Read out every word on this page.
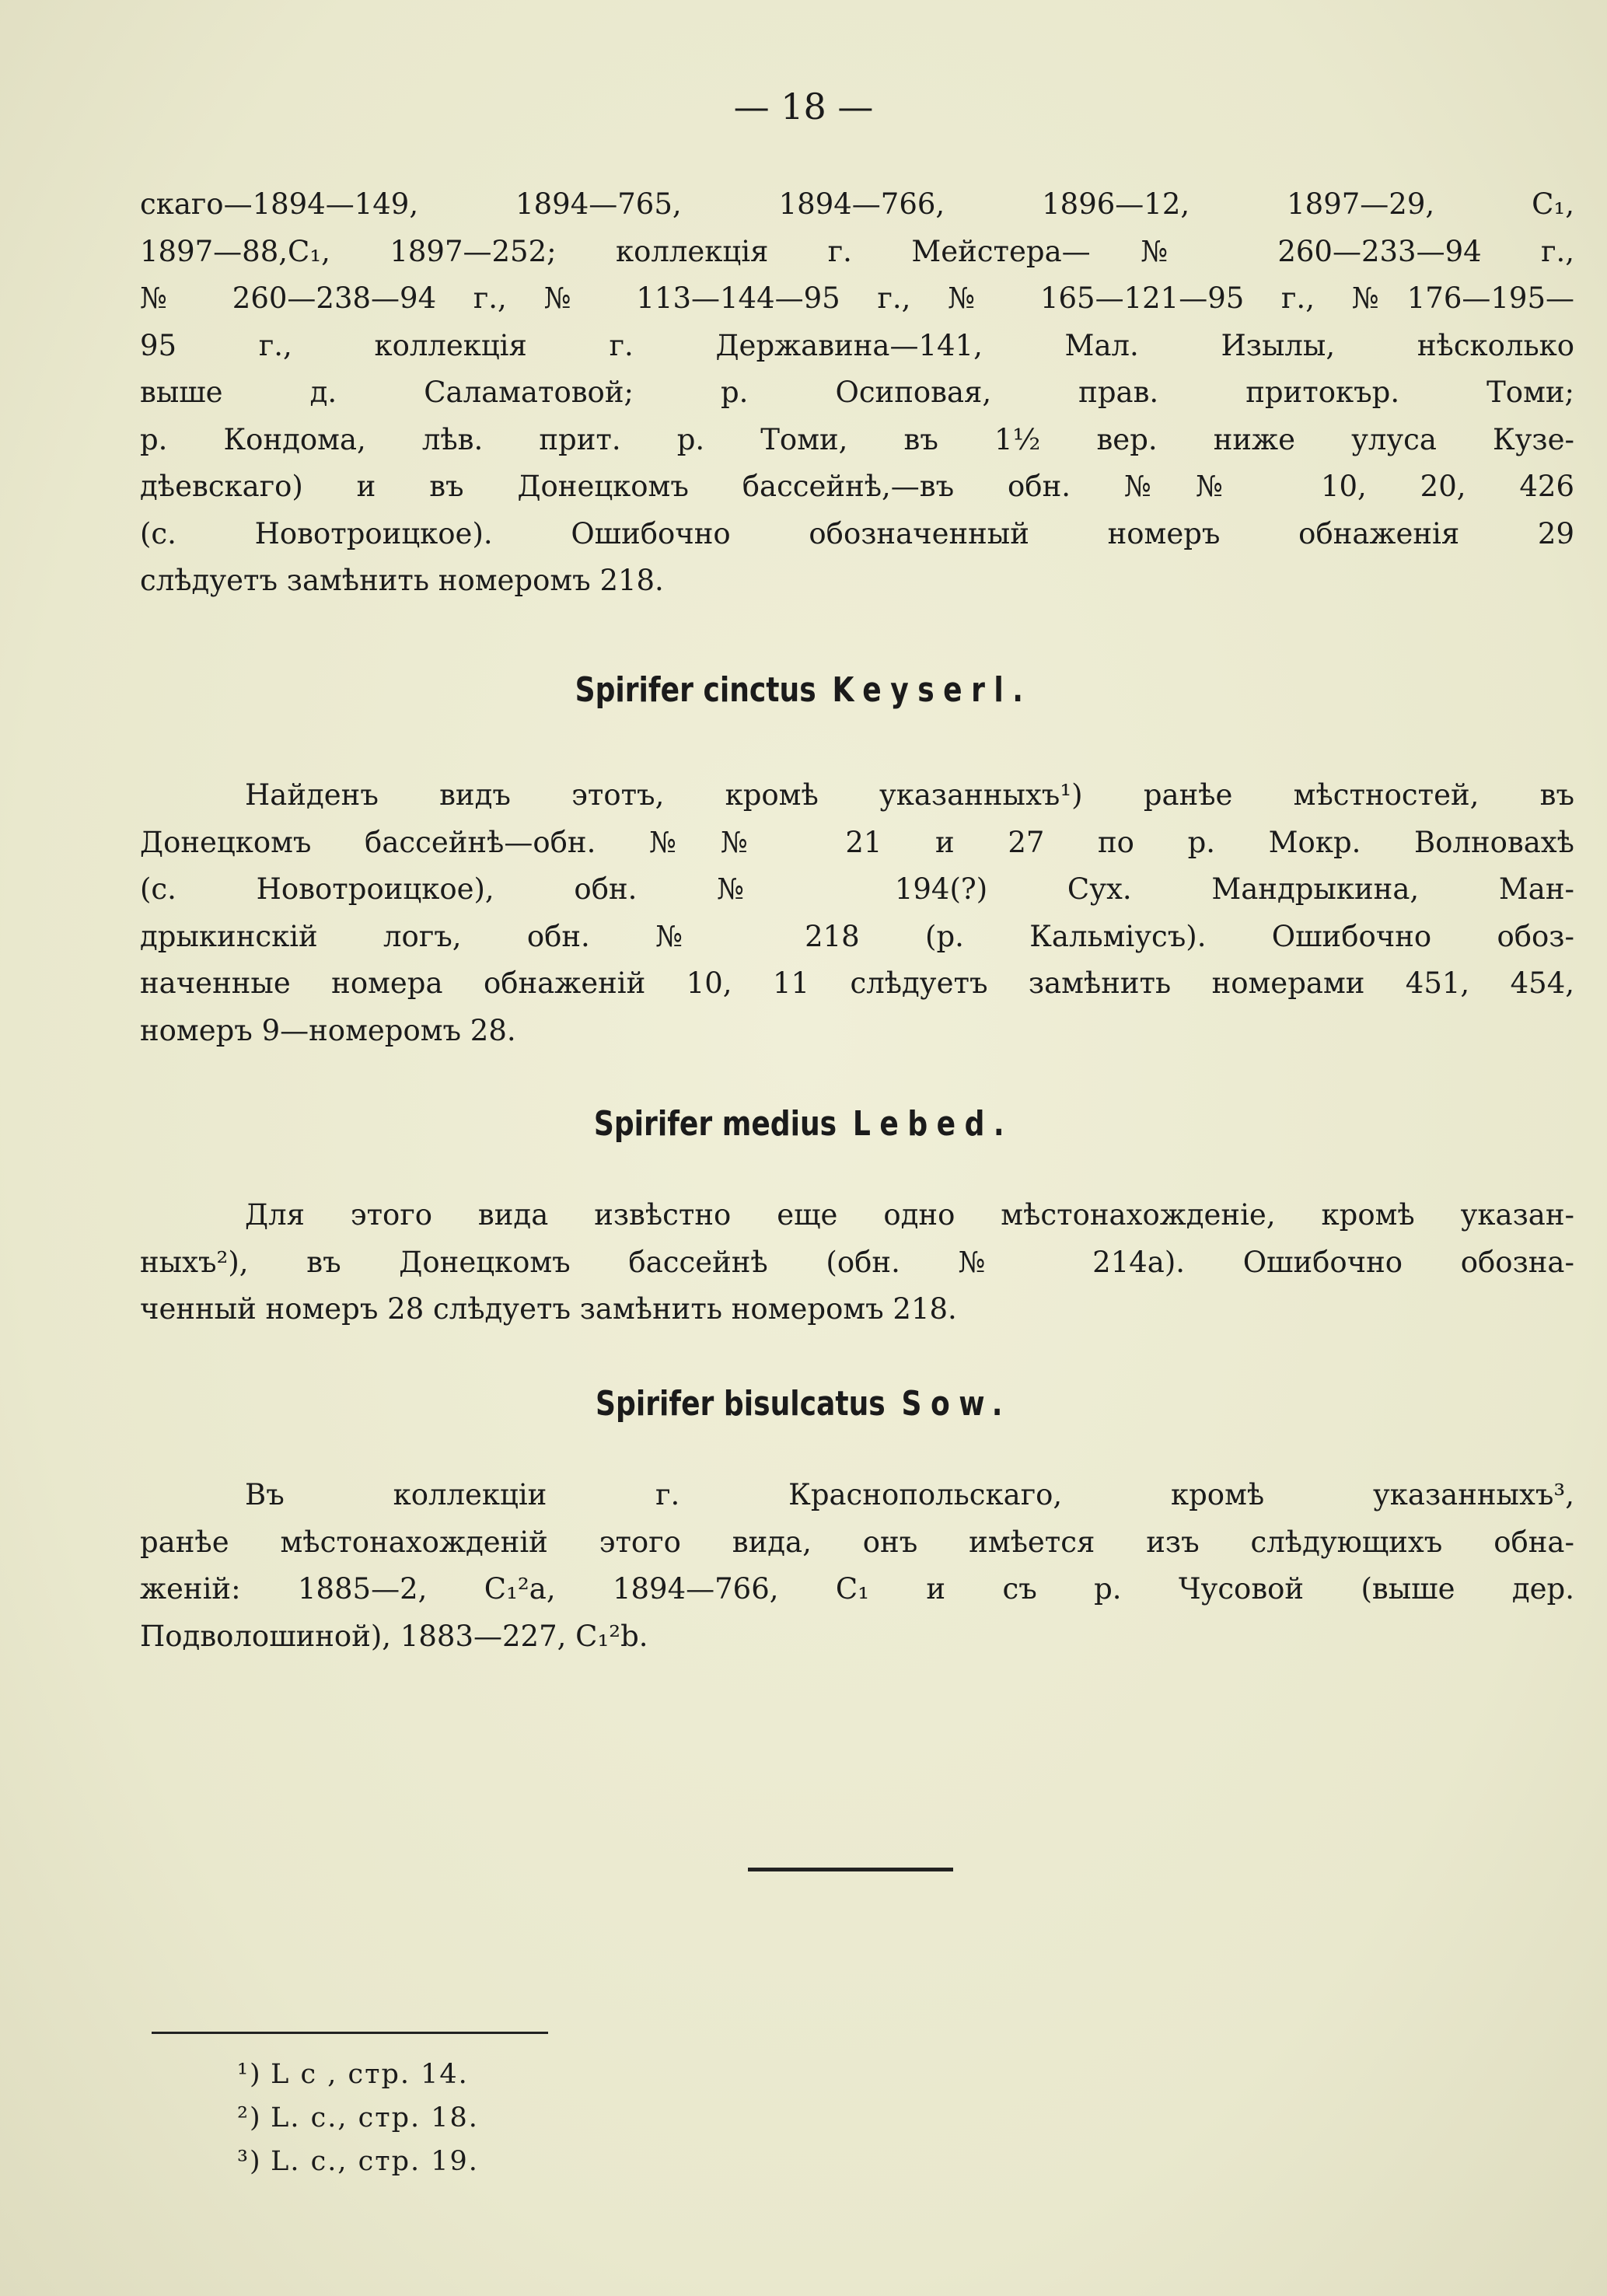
— 18 —
скаго—1894—149, 1894—765, 1894—766, 1896—12, 1897—29, C₁,
1897—88,C₁, 1897—252; коллекція г. Мейстера—№ 260—233—94 г.,
№ 260—238—94 г., № 113—144—95 г., № 165—121—95 г., №176—195—
95 г., коллекція г. Державина—141, Мал. Изылы, нѣсколько
выше д. Саламатовой; р. Осиповая, прав. притокър. Томи;
р. Кондома, лѣв. прит. р. Томи, въ 1½ вер. ниже улуса Кузе-
дѣевскаго) и въ Донецкомъ бассейнѣ,—въ обн. №№ 10, 20, 426
(с. Новотроицкое). Ошибочно обозначенный номеръ обнаженія 29
слѣдуетъ замѣнить номеромъ 218.
Spirifer cinctus Keyserl.
Найденъ видъ этотъ, кромѣ указанныхъ¹) ранѣе мѣстностей, въ
Донецкомъ бассейнѣ—обн. №№ 21 и 27 по р. Мокр. Волновахѣ
(с. Новотроицкое), обн. № 194(?) Сух. Мандрыкина, Ман-
дрыкинскій логъ, обн. № 218 (р. Кальміусъ). Ошибочно обоз-
наченные номера обнаженій 10, 11 слѣдуетъ замѣнить номерами 451, 454,
номеръ 9—номеромъ 28.
Spirifer medius Lebed.
Для этого вида извѣстно еще одно мѣстонахожденіе, кромѣ указан-
ныхъ²), въ Донецкомъ бассейнѣ (обн. № 214а). Ошибочно обозна-
ченный номеръ 28 слѣдуетъ замѣнить номеромъ 218.
Spirifer bisulcatus Sow.
Въ коллекціи г. Краснопольскаго, кромѣ указанныхъ³,
ранѣе мѣстонахожденій этого вида, онъ имѣется изъ слѣдующихъ обна-
женій: 1885—2, C₁²a, 1894—766, C₁ и съ р. Чусовой (выше дер.
Подволошиной), 1883—227, C₁²b.
¹) L c , стр. 14.
²) L. c., стр. 18.
³) L. c., стр. 19.
